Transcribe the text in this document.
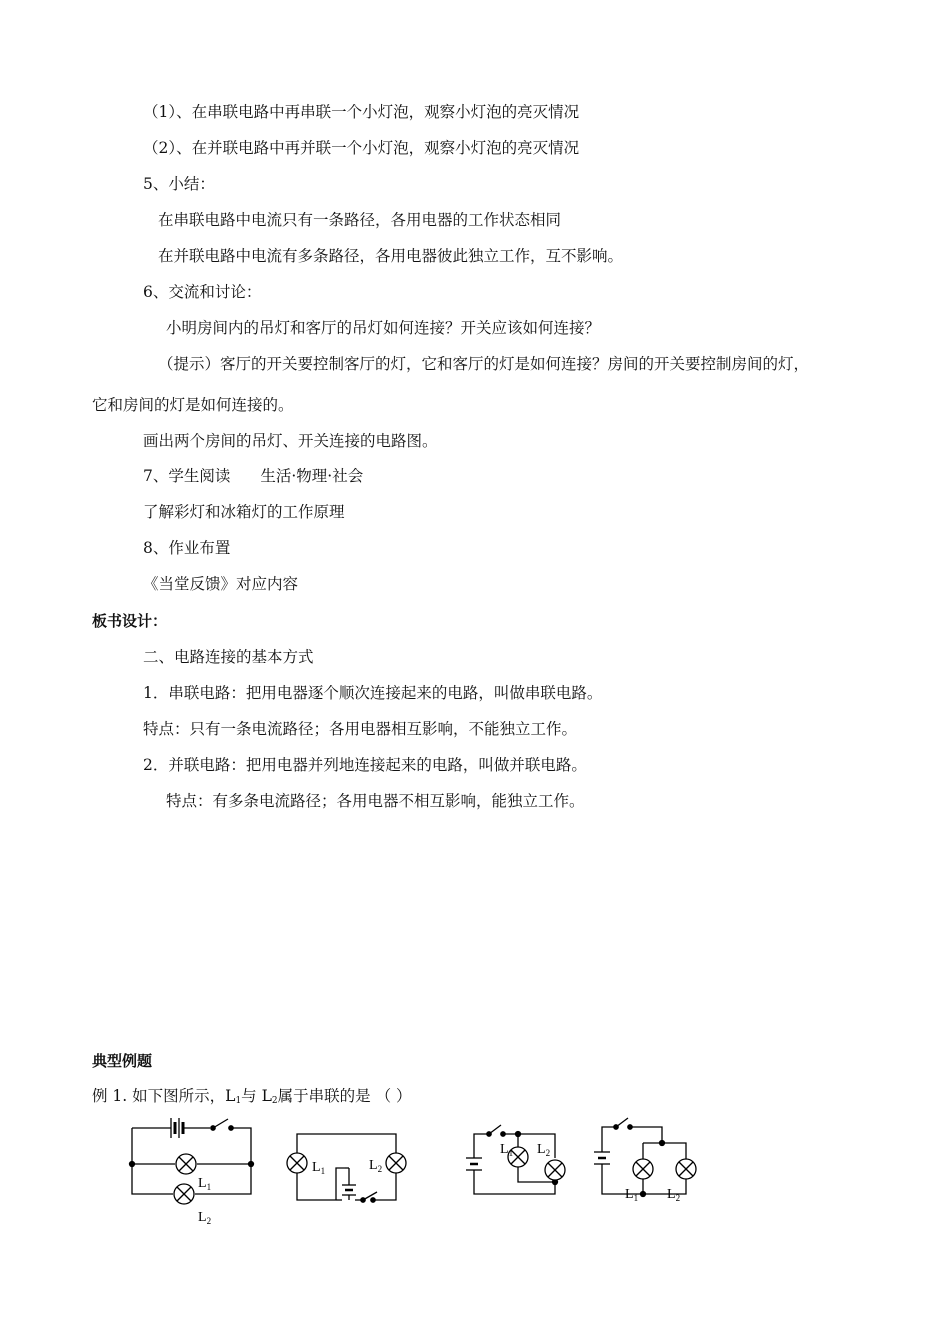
（1）、在串联电路中再串联一个小灯泡，观察小灯泡的亮灭情况
（2）、在并联电路中再并联一个小灯泡，观察小灯泡的亮灭情况
5、小结：
在串联电路中电流只有一条路径，各用电器的工作状态相同
在并联电路中电流有多条路径，各用电器彼此独立工作，互不影响。
6、交流和讨论：
小明房间内的吊灯和客厅的吊灯如何连接？开关应该如何连接？
（提示）客厅的开关要控制客厅的灯，它和客厅的灯是如何连接？房间的开关要控制房间的灯，
它和房间的灯是如何连接的。
画出两个房间的吊灯、开关连接的电路图。
7、学生阅读 生活·物理·社会
了解彩灯和冰箱灯的工作原理
8、作业布置
《当堂反馈》对应内容
板书设计：
二、电路连接的基本方式
1．串联电路：把用电器逐个顺次连接起来的电路，叫做串联电路。
特点：只有一条电流路径；各用电器相互影响，不能独立工作。
2．并联电路：把用电器并列地连接起来的电路，叫做并联电路。
特点：有多条电流路径；各用电器不相互影响，能独立工作。
典型例题
例 1. 如下图所示，$L_1$与 $L_2$属于串联的是 （ ）
$L_1$
$L_2$
$L_1$	$L_2$
$L_1$ $L_2$
$L_1$ $L_2$
